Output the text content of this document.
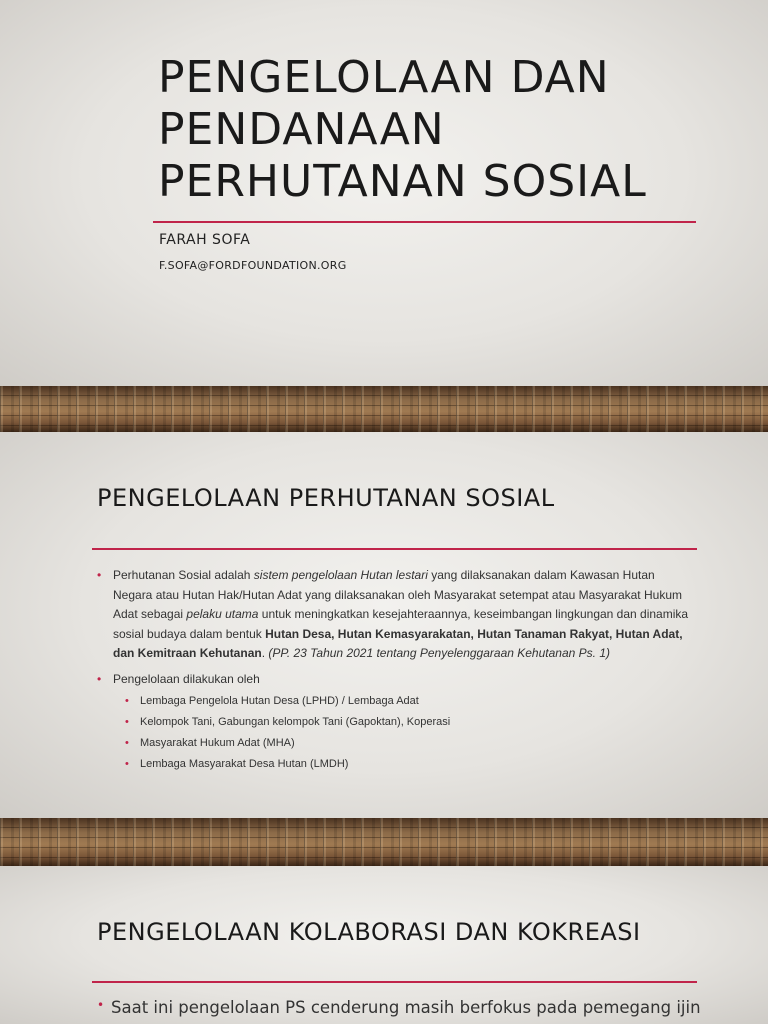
PENGELOLAAN DAN
PENDANAAN
PERHUTANAN SOSIAL
FARAH SOFA
F.SOFA@FORDFOUNDATION.ORG
PENGELOLAAN PERHUTANAN SOSIAL
• Perhutanan Sosial adalah sistem pengelolaan Hutan lestari yang dilaksanakan dalam Kawasan Hutan Negara atau Hutan Hak/Hutan Adat yang dilaksanakan oleh Masyarakat setempat atau Masyarakat Hukum Adat sebagai pelaku utama untuk meningkatkan kesejahteraannya, keseimbangan lingkungan dan dinamika sosial budaya dalam bentuk Hutan Desa, Hutan Kemasyarakatan, Hutan Tanaman Rakyat, Hutan Adat, dan Kemitraan Kehutanan. (PP. 23 Tahun 2021 tentang Penyelenggaraan Kehutanan Ps. 1)
• Pengelolaan dilakukan oleh
• Lembaga Pengelola Hutan Desa (LPHD) / Lembaga Adat
• Kelompok Tani, Gabungan kelompok Tani (Gapoktan), Koperasi
• Masyarakat Hukum Adat (MHA)
• Lembaga Masyarakat Desa Hutan (LMDH)
PENGELOLAAN KOLABORASI DAN KOKREASI
• Saat ini pengelolaan PS cenderung masih berfokus pada pemegang ijin
